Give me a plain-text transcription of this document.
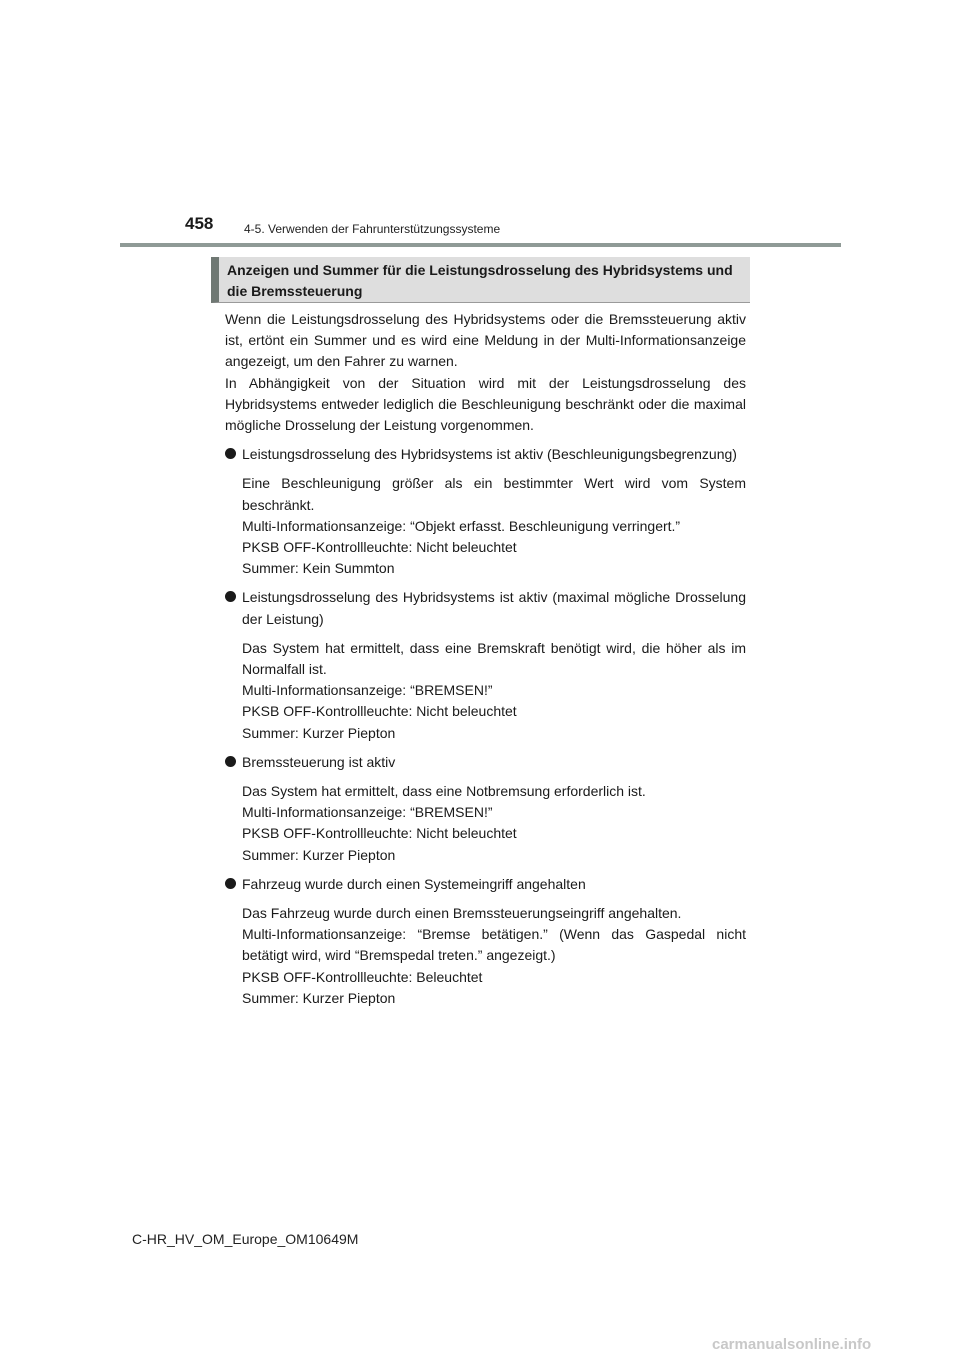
458	4-5. Verwenden der Fahrunterstützungssysteme
Anzeigen und Summer für die Leistungsdrosselung des Hybridsystems und die Bremssteuerung

Wenn die Leistungsdrosselung des Hybridsystems oder die Bremssteuerung aktiv ist, ertönt ein Summer und es wird eine Meldung in der Multi-Informationsanzeige angezeigt, um den Fahrer zu warnen.

In Abhängigkeit von der Situation wird mit der Leistungsdrosselung des Hybridsystems entweder lediglich die Beschleunigung beschränkt oder die maximal mögliche Drosselung der Leistung vorgenommen.

Leistungsdrosselung des Hybridsystems ist aktiv (Beschleunigungsbegrenzung)

Eine Beschleunigung größer als ein bestimmter Wert wird vom System beschränkt.

Multi-Informationsanzeige: “Objekt erfasst. Beschleunigung verringert.”

PKSB OFF-Kontrollleuchte: Nicht beleuchtet

Summer: Kein Summton

Leistungsdrosselung des Hybridsystems ist aktiv (maximal mögliche Drosselung der Leistung)

Das System hat ermittelt, dass eine Bremskraft benötigt wird, die höher als im Normalfall ist.

Multi-Informationsanzeige: “BREMSEN!”

PKSB OFF-Kontrollleuchte: Nicht beleuchtet

Summer: Kurzer Piepton

Bremssteuerung ist aktiv

Das System hat ermittelt, dass eine Notbremsung erforderlich ist.

Multi-Informationsanzeige: “BREMSEN!”

PKSB OFF-Kontrollleuchte: Nicht beleuchtet

Summer: Kurzer Piepton

Fahrzeug wurde durch einen Systemeingriff angehalten

Das Fahrzeug wurde durch einen Bremssteuerungseingriff angehalten.

Multi-Informationsanzeige: “Bremse betätigen.” (Wenn das Gaspedal nicht betätigt wird, wird “Bremspedal treten.” angezeigt.)

PKSB OFF-Kontrollleuchte: Beleuchtet

Summer: Kurzer Piepton

C-HR_HV_OM_Europe_OM10649M
carmanualsonline.info
